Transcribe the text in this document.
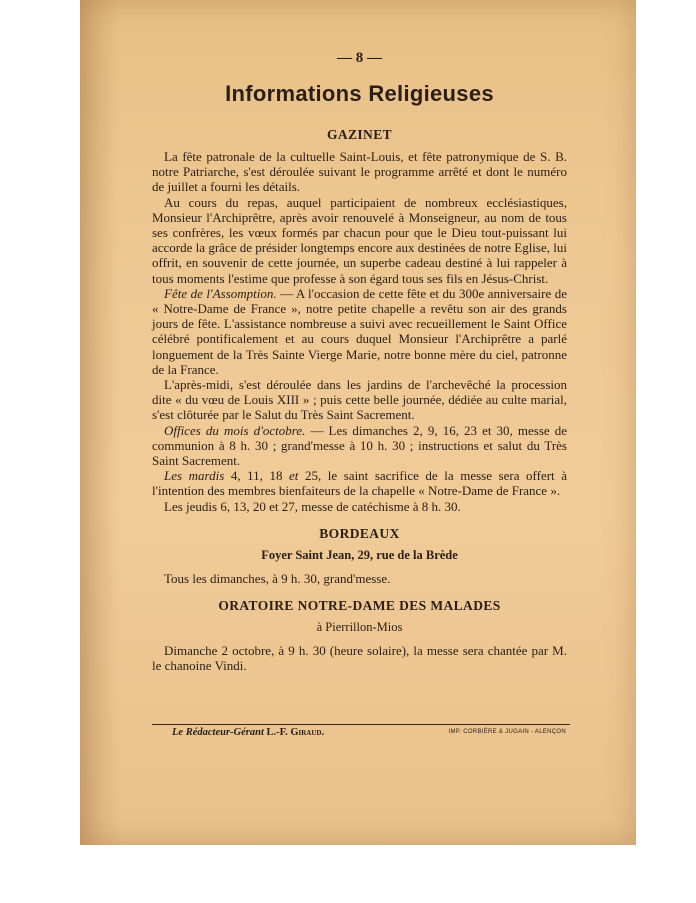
— 8 —
Informations Religieuses
GAZINET

La fête patronale de la cultuelle Saint-Louis, et fête patronymique de S. B. notre Patriarche, s'est déroulée suivant le programme arrêté et dont le numéro de juillet a fourni les détails.

Au cours du repas, auquel participaient de nombreux ecclésiastiques, Monsieur l'Archiprêtre, après avoir renouvelé à Monseigneur, au nom de tous ses confrères, les vœux formés par chacun pour que le Dieu tout-puissant lui accorde la grâce de présider longtemps encore aux destinées de notre Eglise, lui offrit, en souvenir de cette journée, un superbe cadeau destiné à lui rappeler à tous moments l'estime que professe à son égard tous ses fils en Jésus-Christ.

Fête de l'Assomption. — A l'occasion de cette fête et du 300e anniversaire de « Notre-Dame de France », notre petite chapelle a revêtu son air des grands jours de fête. L'assistance nombreuse a suivi avec recueillement le Saint Office célébré pontificalement et au cours duquel Monsieur l'Archiprêtre a parlé longuement de la Très Sainte Vierge Marie, notre bonne mère du ciel, patronne de la France.

L'après-midi, s'est déroulée dans les jardins de l'archevêché la procession dite « du vœu de Louis XIII » ; puis cette belle journée, dédiée au culte marial, s'est clôturée par le Salut du Très Saint Sacrement.

Offices du mois d'octobre. — Les dimanches 2, 9, 16, 23 et 30, messe de communion à 8 h. 30 ; grand'messe à 10 h. 30 ; instructions et salut du Très Saint Sacrement.

Les mardis 4, 11, 18 et 25, le saint sacrifice de la messe sera offert à l'intention des membres bienfaiteurs de la chapelle « Notre-Dame de France ».

Les jeudis 6, 13, 20 et 27, messe de catéchisme à 8 h. 30.

BORDEAUX
Foyer Saint Jean, 29, rue de la Brède

Tous les dimanches, à 9 h. 30, grand'messe.

ORATOIRE NOTRE-DAME DES MALADES
à Pierrillon-Mios

Dimanche 2 octobre, à 9 h. 30 (heure solaire), la messe sera chantée par M. le chanoine Vindi.

Le Rédacteur-Gérant L.-F. Giraud.	IMP. CORBIÈRE & JUGAIN - ALENÇON
